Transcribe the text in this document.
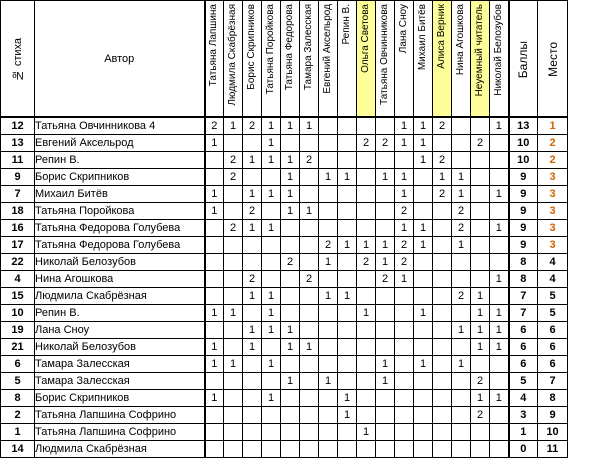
№ стиха	Автор	Татьяна Лапшина	Людмила Скабрёзная	Борис Скрипников	Татьяна Поройкова	Татьяна Федорова	Тамара Залесская	Евгений Аксельрод	Репин В.	Ольга Светова	Татьяна Овчинникова	Лана Сноу	Михаил Битёв	Алиса Верник	Нина Агошкова	Неуемный читатель	Николай Белозубов	Баллы	Место

12	Татьяна Овчинникова 4	2	1	2	1	1	1					1	1	2			1	13	1
13	Евгений Аксельрод	1			1					2	2	1	1			2		10	2
11	Репин В.		2	1	1	1	2						1	2				10	2
9	Борис Скрипников		2			1		1	1		1	1		1	1			9	3
7	Михаил Битёв	1		1	1	1						1		2	1		1	9	3
18	Татьяна Поройкова	1		2		1	1					2			2			9	3
16	Татьяна Федорова Голубева		2	1	1							1	1		2		1	9	3
17	Татьяна Федорова Голубева							2	1	1	1	2	1		1			9	3
22	Николай Белозубов					2		1		2	1	2						8	4
4	Нина Агошкова			2			2				2	1					1	8	4
15	Людмила Скабрёзная			1	1			1	1						2	1		7	5
10	Репин В.	1	1		1					1			1			1	1	7	5
19	Лана Сноу			1	1	1									1	1	1	6	6
21	Николай Белозубов	1		1		1	1									1	1	6	6
6	Тамара Залесская	1	1		1						1		1		1			6	6
5	Тамара Залесская					1		1			1					2		5	7
8	Борис Скрипников	1			1				1							1	1	4	8
2	Татьяна Лапшина Софрино								1							2		3	9
1	Татьяна Лапшина Софрино									1								1	10
14	Людмила Скабрёзная																	0	11
